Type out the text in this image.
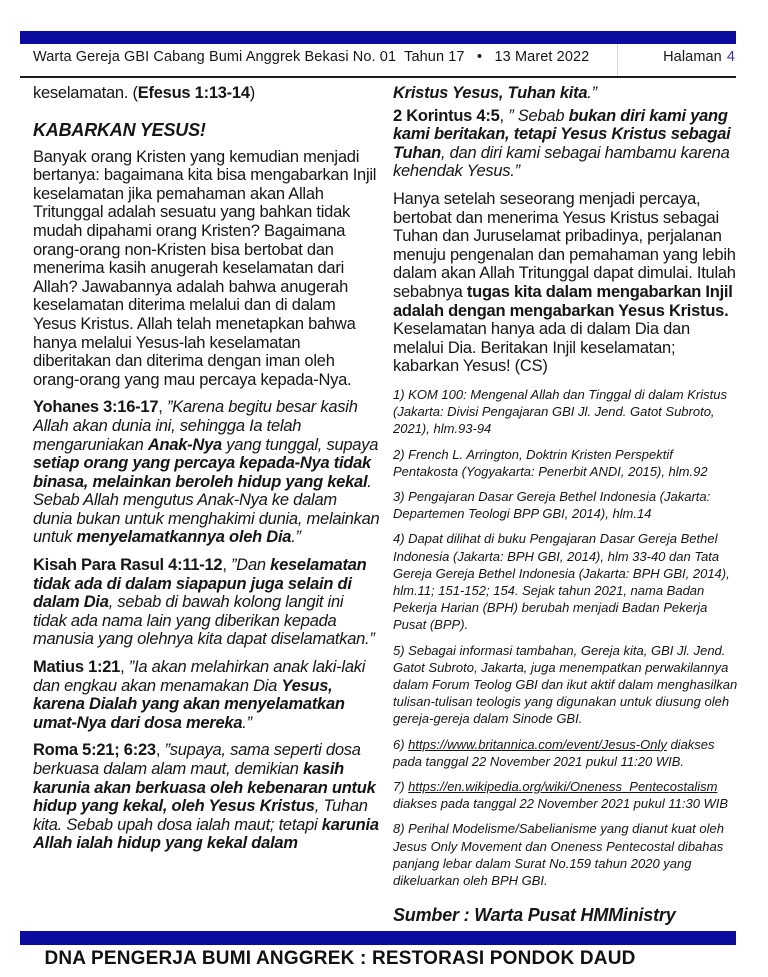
Warta Gereja GBI Cabang Bumi Anggrek Bekasi No. 01  Tahun 17   •   13 Maret 2022	Halaman 4

keselamatan. (Efesus 1:13-14)

KABARKAN YESUS!

Banyak orang Kristen yang kemudian menjadi bertanya: bagaimana kita bisa mengabarkan Injil keselamatan jika pemahaman akan Allah Tritunggal adalah sesuatu yang bahkan tidak mudah dipahami orang Kristen? Bagaimana orang-orang non-Kristen bisa bertobat dan menerima kasih anugerah keselamatan dari Allah? Jawabannya adalah bahwa anugerah keselamatan diterima melalui dan di dalam Yesus Kristus. Allah telah menetapkan bahwa hanya melalui Yesus-lah keselamatan diberitakan dan diterima dengan iman oleh orang-orang yang mau percaya kepada-Nya.

Yohanes 3:16-17, ”Karena begitu besar kasih Allah akan dunia ini, sehingga Ia telah mengaruniakan Anak-Nya yang tunggal, supaya setiap orang yang percaya kepada-Nya tidak binasa, melainkan beroleh hidup yang kekal. Sebab Allah mengutus Anak-Nya ke dalam dunia bukan untuk menghakimi dunia, melainkan untuk menyelamatkannya oleh Dia.”

Kisah Para Rasul 4:11-12, ”Dan keselamatan tidak ada di dalam siapapun juga selain di dalam Dia, sebab di bawah kolong langit ini tidak ada nama lain yang diberikan kepada manusia yang olehnya kita dapat diselamatkan.”

Matius 1:21, ”Ia akan melahirkan anak laki-laki dan engkau akan menamakan Dia Yesus, karena Dialah yang akan menyelamatkan umat-Nya dari dosa mereka.”

Roma 5:21; 6:23, ”supaya, sama seperti dosa berkuasa dalam alam maut, demikian kasih karunia akan berkuasa oleh kebenaran untuk hidup yang kekal, oleh Yesus Kristus, Tuhan kita. Sebab upah dosa ialah maut; tetapi karunia Allah ialah hidup yang kekal dalam

Kristus Yesus, Tuhan kita.”

2 Korintus 4:5, ” Sebab bukan diri kami yang kami beritakan, tetapi Yesus Kristus sebagai Tuhan, dan diri kami sebagai hambamu karena kehendak Yesus.”

Hanya setelah seseorang menjadi percaya, bertobat dan menerima Yesus Kristus sebagai Tuhan dan Juruselamat pribadinya, perjalanan menuju pengenalan dan pemahaman yang lebih dalam akan Allah Tritunggal dapat dimulai. Itulah sebabnya tugas kita dalam mengabarkan Injil adalah dengan mengabarkan Yesus Kristus. Keselamatan hanya ada di dalam Dia dan melalui Dia. Beritakan Injil keselamatan; kabarkan Yesus! (CS)

1) KOM 100: Mengenal Allah dan Tinggal di dalam Kristus (Jakarta: Divisi Pengajaran GBI Jl. Jend. Gatot Subroto, 2021), hlm.93-94

2) French L. Arrington, Doktrin Kristen Perspektif Pentakosta (Yogyakarta: Penerbit ANDI, 2015), hlm.92

3) Pengajaran Dasar Gereja Bethel Indonesia (Jakarta: Departemen Teologi BPP GBI, 2014), hlm.14

4) Dapat dilihat di buku Pengajaran Dasar Gereja Bethel Indonesia (Jakarta: BPH GBI, 2014), hlm 33-40 dan Tata Gereja Gereja Bethel Indonesia (Jakarta: BPH GBI, 2014), hlm.11; 151-152; 154. Sejak tahun 2021, nama Badan Pekerja Harian (BPH) berubah menjadi Badan Pekerja Pusat (BPP).

5) Sebagai informasi tambahan, Gereja kita, GBI Jl. Jend. Gatot Subroto, Jakarta, juga menempatkan perwakilannya dalam Forum Teolog GBI dan ikut aktif dalam menghasilkan tulisan-tulisan teologis yang digunakan untuk diusung oleh gereja-gereja dalam Sinode GBI.

6) https://www.britannica.com/event/Jesus-Only diakses pada tanggal 22 November 2021 pukul 11:20 WIB.

7) https://en.wikipedia.org/wiki/Oneness_Pentecostalism diakses pada tanggal 22 November 2021 pukul 11:30 WIB

8) Perihal Modelisme/Sabelianisme yang dianut kuat oleh Jesus Only Movement dan Oneness Pentecostal dibahas panjang lebar dalam Surat No.159 tahun 2020 yang dikeluarkan oleh BPH GBI.

Sumber : Warta Pusat HMMinistry

DNA PENGERJA BUMI ANGGREK : RESTORASI PONDOK DAUD
